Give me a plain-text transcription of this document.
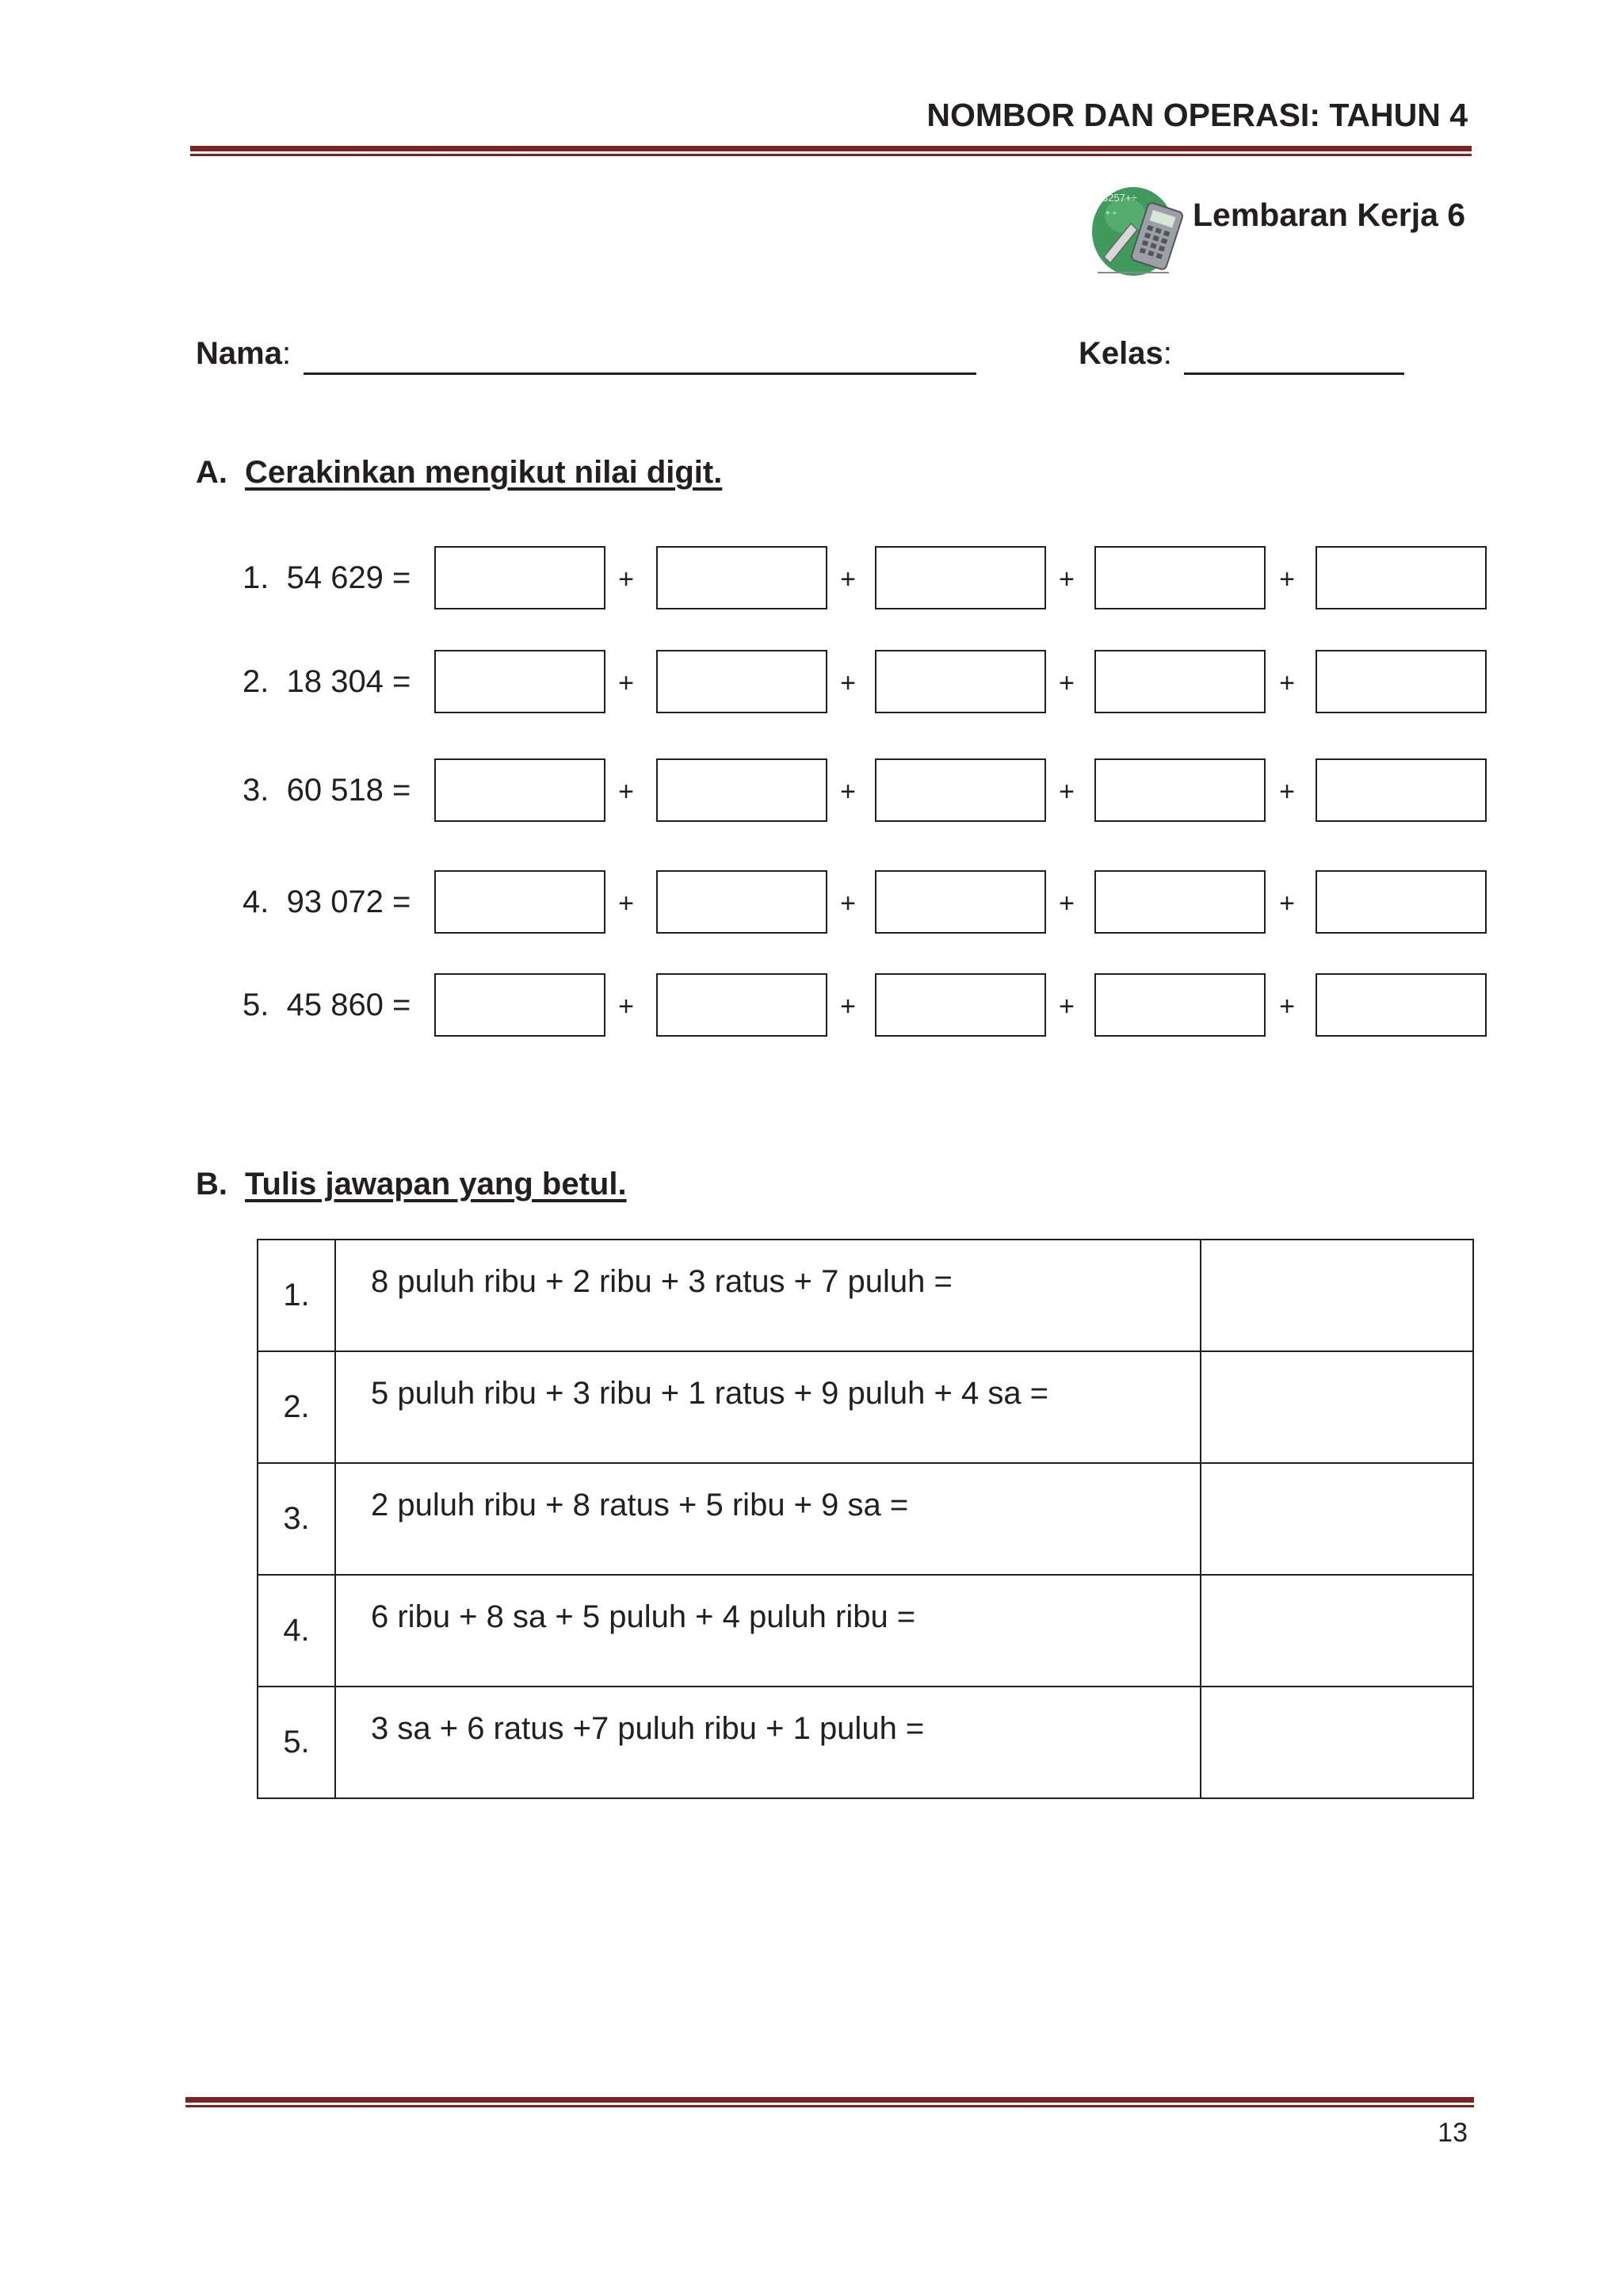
NOMBOR DAN OPERASI: TAHUN 4
3257+÷
+ ÷ Lembaran Kerja 6
Nama:	Kelas:
A. Cerakinkan mengikut nilai digit.
1.  54 629 =	+	+	+	+
2.  18 304 =	+	+	+	+
3.  60 518 =	+	+	+	+
4.  93 072 =	+	+	+	+
5.  45 860 =	+	+	+	+
B. Tulis jawapan yang betul.
1.	8 puluh ribu + 2 ribu + 3 ratus + 7 puluh =	
2.	5 puluh ribu + 3 ribu + 1 ratus + 9 puluh + 4 sa =	
3.	2 puluh ribu + 8 ratus + 5 ribu + 9 sa =	
4.	6 ribu + 8 sa + 5 puluh + 4 puluh ribu =	
5.	3 sa + 6 ratus +7 puluh ribu + 1 puluh =	
13
